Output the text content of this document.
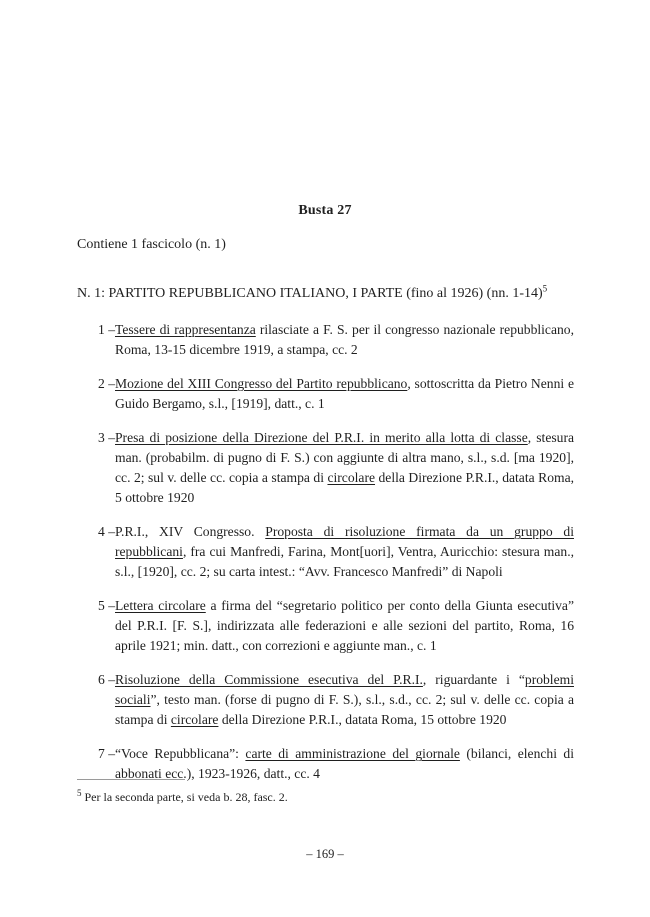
Busta 27
Contiene 1 fascicolo (n. 1)
N. 1: PARTITO REPUBBLICANO ITALIANO, I PARTE (fino al 1926) (nn. 1-14)$^5$
1 – Tessere di rappresentanza rilasciate a F. S. per il congresso nazionale repubblicano, Roma, 13-15 dicembre 1919, a stampa, cc. 2
2 – Mozione del XIII Congresso del Partito repubblicano, sottoscritta da Pietro Nenni e Guido Bergamo, s.l., [1919], datt., c. 1
3 – Presa di posizione della Direzione del P.R.I. in merito alla lotta di classe, stesura man. (probabilm. di pugno di F. S.) con aggiunte di altra mano, s.l., s.d. [ma 1920], cc. 2; sul v. delle cc. copia a stampa di circolare della Direzione P.R.I., datata Roma, 5 ottobre 1920
4 – P.R.I., XIV Congresso. Proposta di risoluzione firmata da un gruppo di repubblicani, fra cui Manfredi, Farina, Mont[uori], Ventra, Auricchio: stesura man., s.l., [1920], cc. 2; su carta intest.: “Avv. Francesco Manfredi” di Napoli
5 – Lettera circolare a firma del “segretario politico per conto della Giunta esecutiva” del P.R.I. [F. S.], indirizzata alle federazioni e alle sezioni del partito, Roma, 16 aprile 1921; min. datt., con correzioni e aggiunte man., c. 1
6 – Risoluzione della Commissione esecutiva del P.R.I., riguardante i “problemi sociali”, testo man. (forse di pugno di F. S.), s.l., s.d., cc. 2; sul v. delle cc. copia a stampa di circolare della Direzione P.R.I., datata Roma, 15 ottobre 1920
7 – “Voce Repubblicana”: carte di amministrazione del giornale (bilanci, elenchi di abbonati ecc.), 1923-1926, datt., cc. 4
$^5$ Per la seconda parte, si veda b. 28, fasc. 2.
– 169 –
